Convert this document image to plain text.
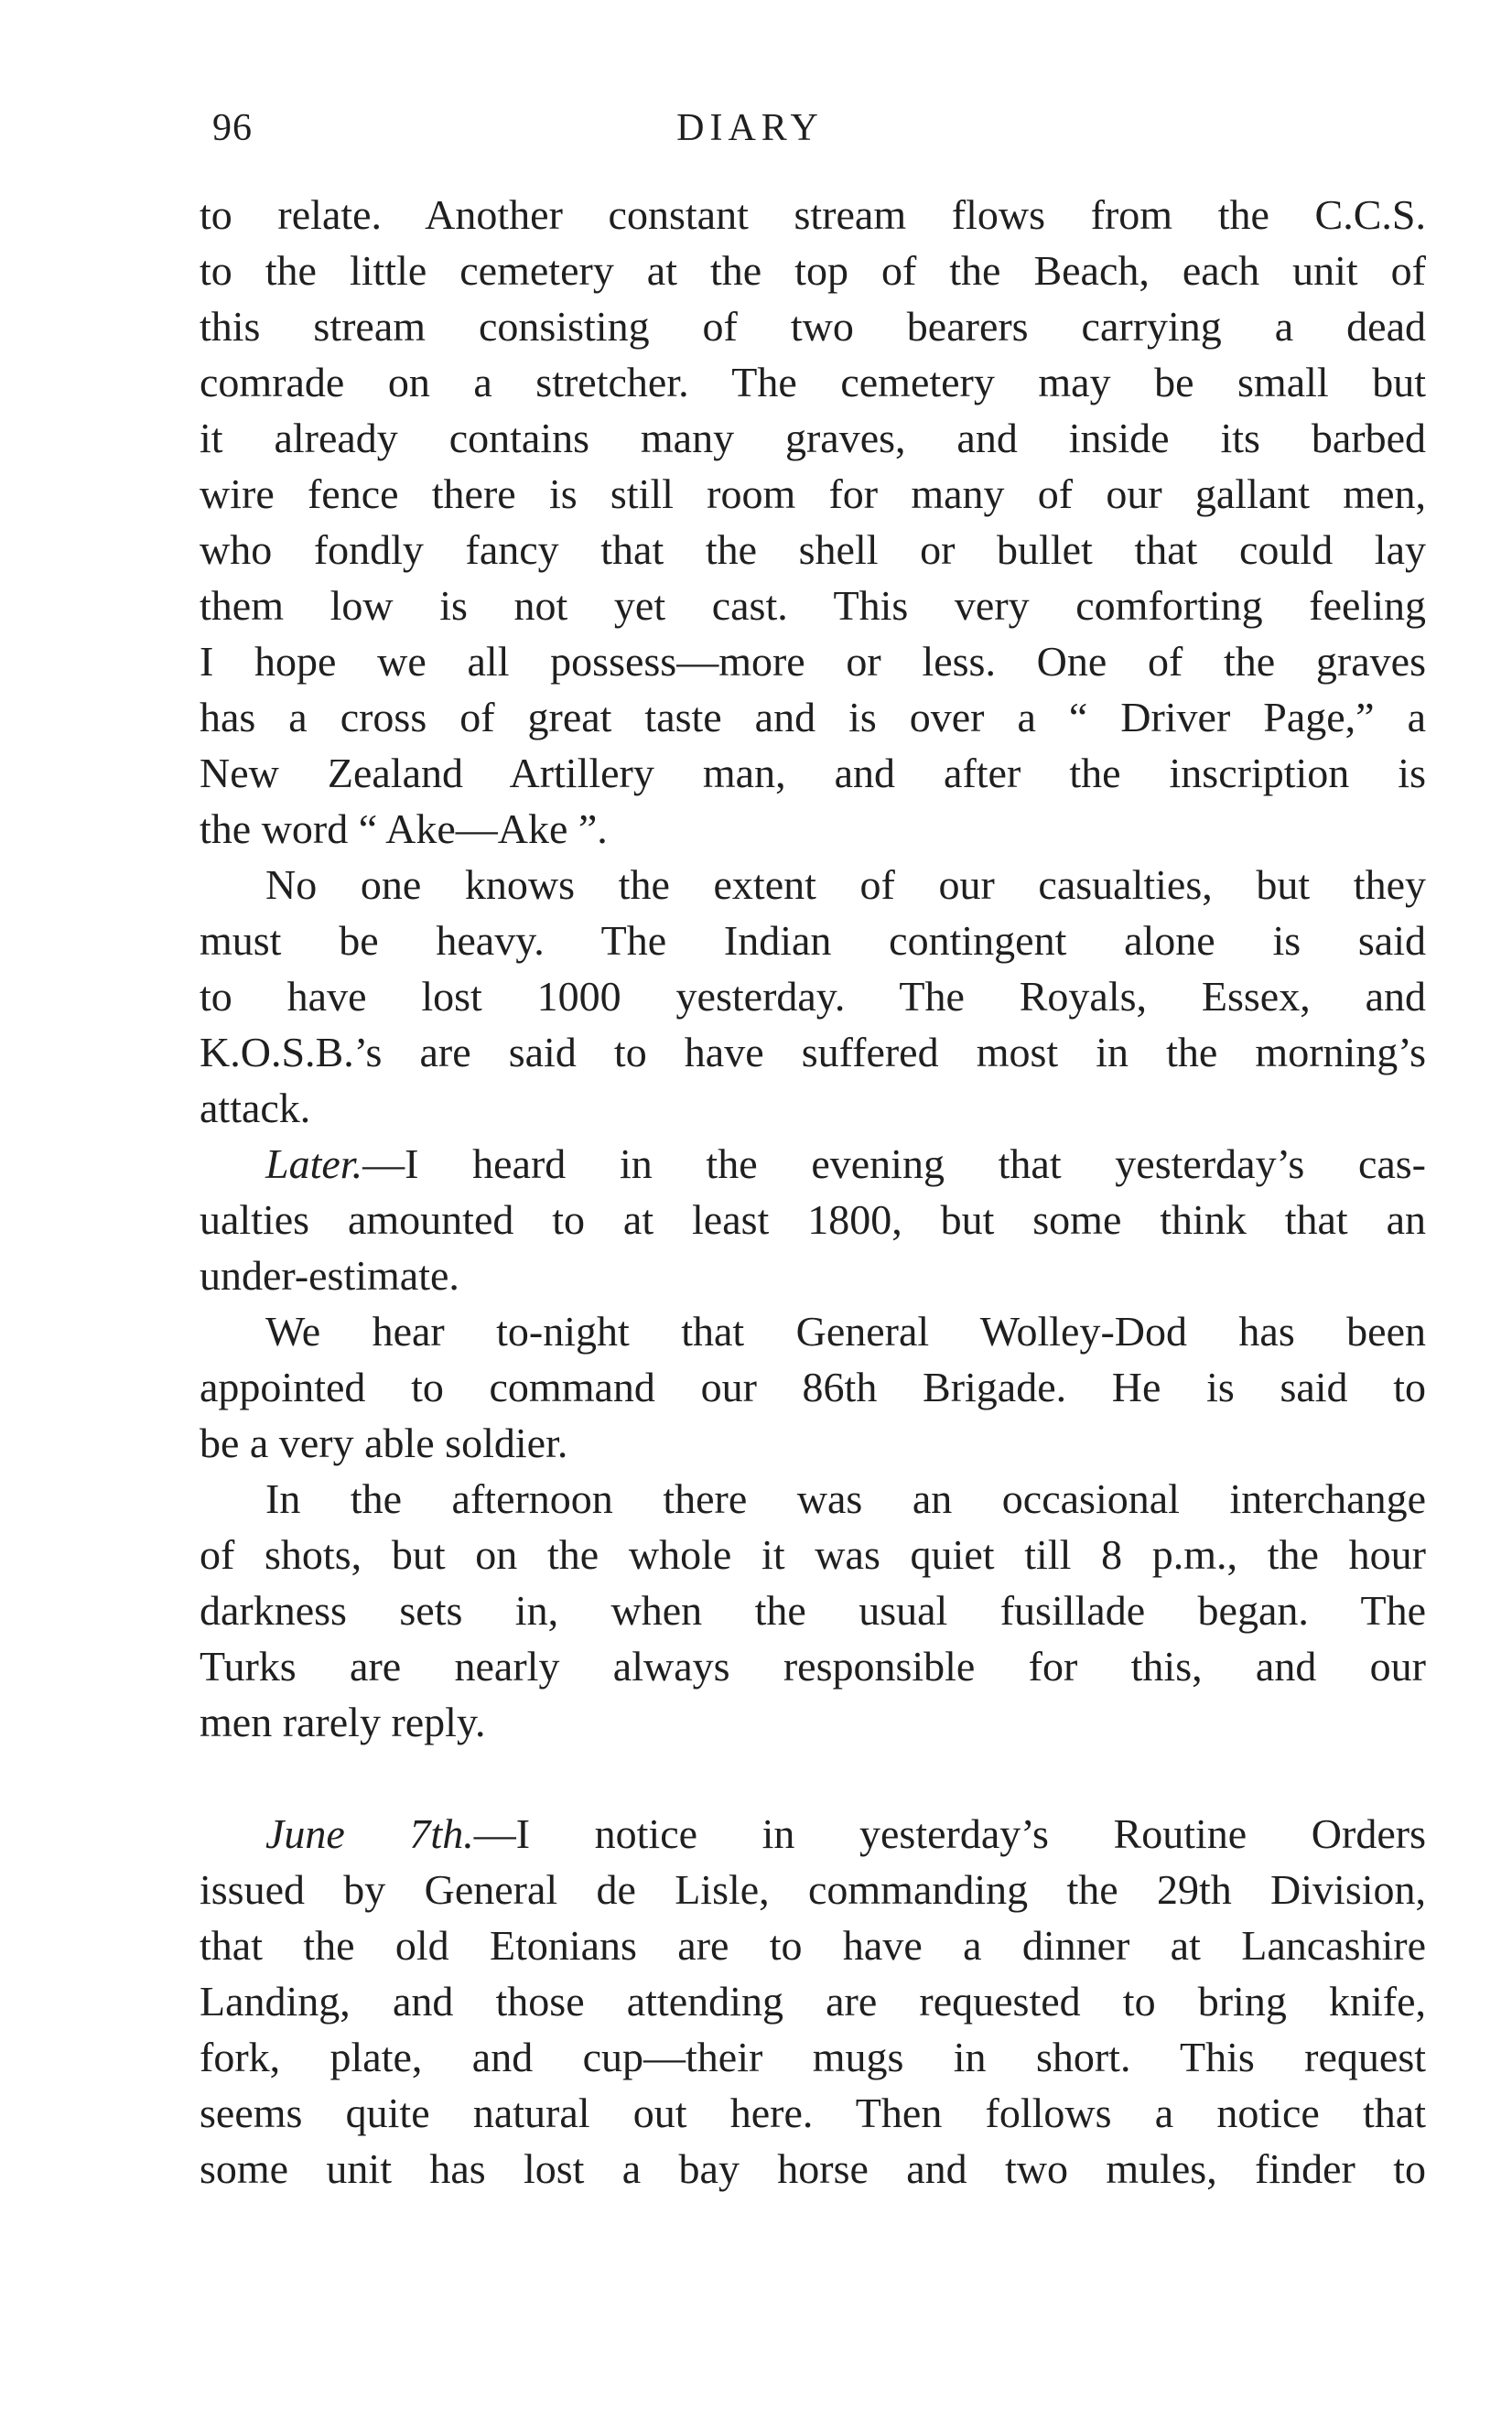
96	DIARY
to relate. Another constant stream flows from the C.C.S.
to the little cemetery at the top of the Beach, each unit of
this stream consisting of two bearers carrying a dead
comrade on a stretcher. The cemetery may be small but
it already contains many graves, and inside its barbed
wire fence there is still room for many of our gallant men,
who fondly fancy that the shell or bullet that could lay
them low is not yet cast. This very comforting feeling
I hope we all possess—more or less. One of the graves
has a cross of great taste and is over a “ Driver Page,” a
New Zealand Artillery man, and after the inscription is
the word “ Ake—Ake ”.
No one knows the extent of our casualties, but they
must be heavy. The Indian contingent alone is said
to have lost 1000 yesterday. The Royals, Essex, and
K.O.S.B.’s are said to have suffered most in the morning’s
attack.
Later.—I heard in the evening that yesterday’s cas-
ualties amounted to at least 1800, but some think that an
under-estimate.
We hear to-night that General Wolley-Dod has been
appointed to command our 86th Brigade. He is said to
be a very able soldier.
In the afternoon there was an occasional interchange
of shots, but on the whole it was quiet till 8 p.m., the hour
darkness sets in, when the usual fusillade began. The
Turks are nearly always responsible for this, and our
men rarely reply.
June 7th.—I notice in yesterday’s Routine Orders
issued by General de Lisle, commanding the 29th Division,
that the old Etonians are to have a dinner at Lancashire
Landing, and those attending are requested to bring knife,
fork, plate, and cup—their mugs in short. This request
seems quite natural out here. Then follows a notice that
some unit has lost a bay horse and two mules, finder to
